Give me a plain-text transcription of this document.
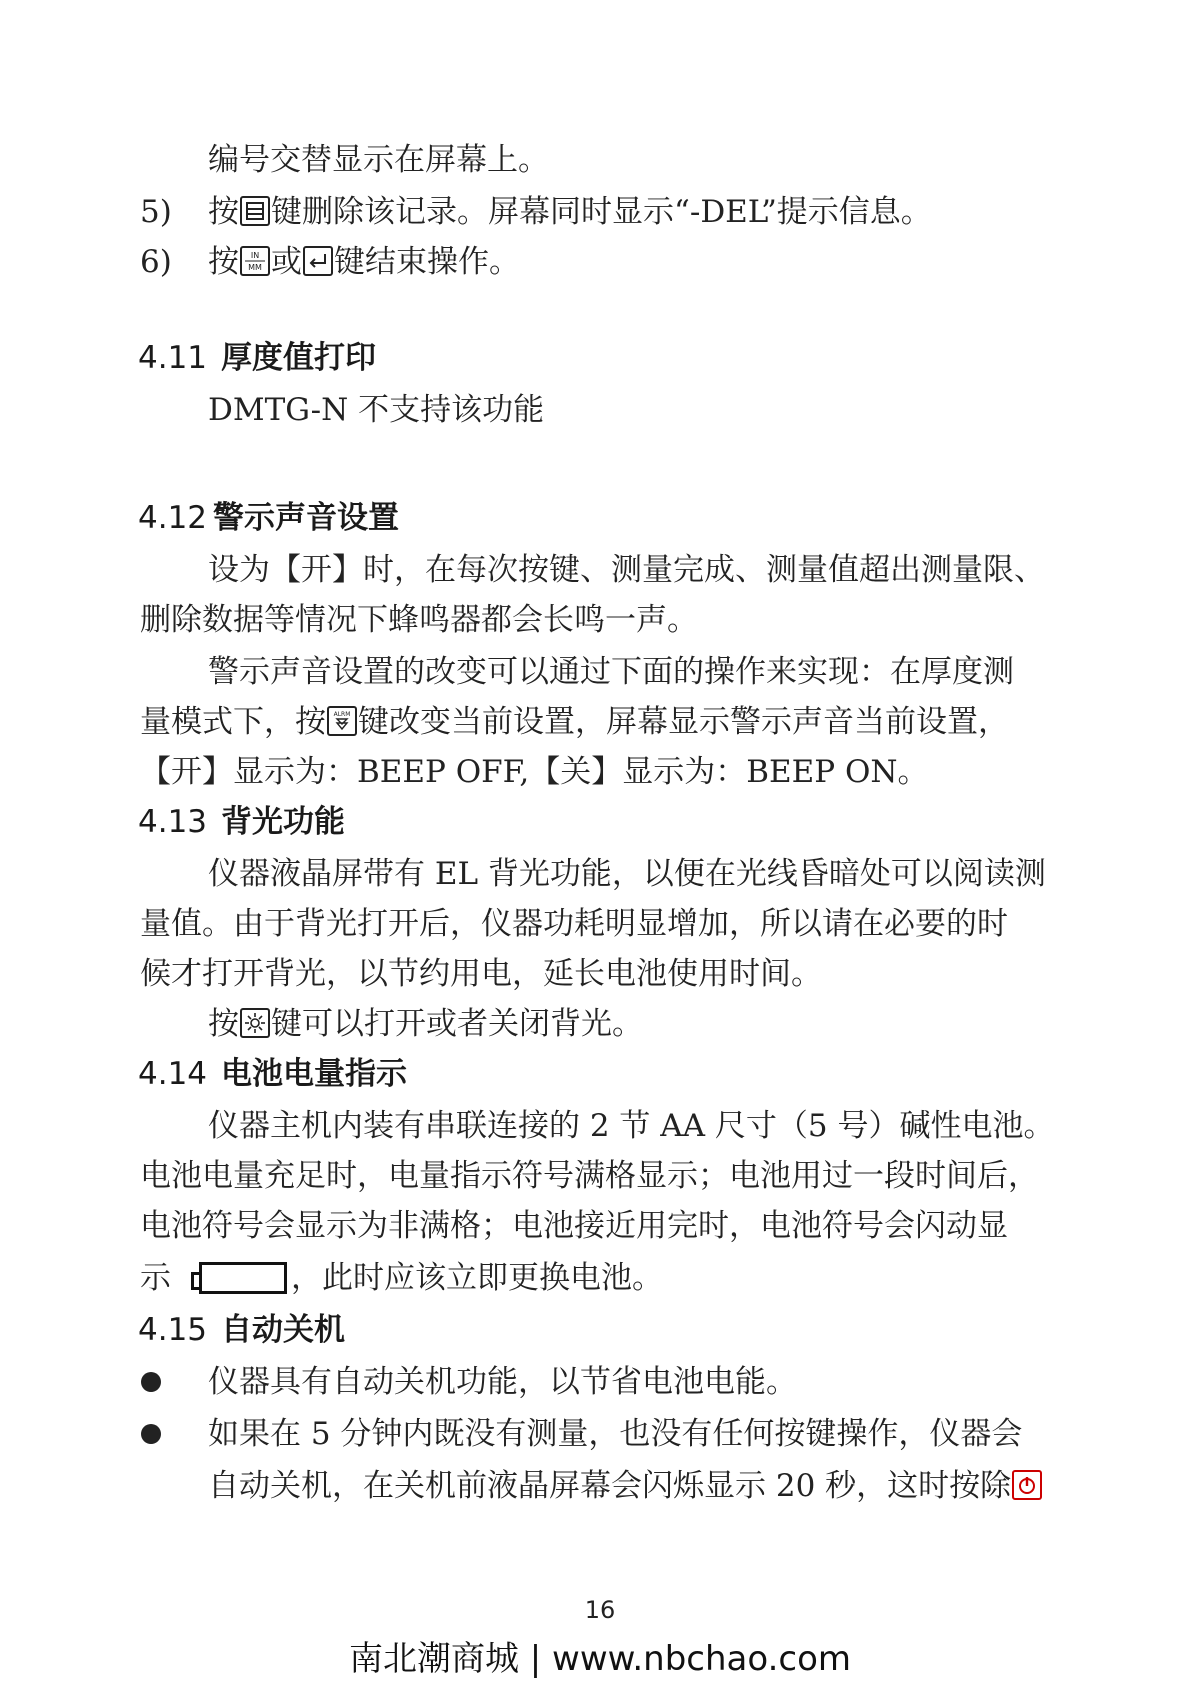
编号交替显示在屏幕上。
5) 按 键删除该记录。屏幕同时显示“-DEL”提示信息。
6) 按 IN
MM 或 键结束操作。
4.11 厚度值打印
DMTG-N 不支持该功能
4.12 警示声音设置
设为【开】时，在每次按键、测量完成、测量值超出测量限、
删除数据等情况下蜂鸣器都会长鸣一声。
警示声音设置的改变可以通过下面的操作来实现：在厚度测
量模式下，按 ALRM 键改变当前设置，屏幕显示警示声音当前设置，
【开】显示为：BEEP OFF,【关】显示为：BEEP ON。
4.13 背光功能
仪器液晶屏带有 EL 背光功能，以便在光线昏暗处可以阅读测
量值。由于背光打开后，仪器功耗明显增加，所以请在必要的时
候才打开背光，以节约用电，延长电池使用时间。
按 键可以打开或者关闭背光。
4.14 电池电量指示
仪器主机内装有串联连接的 2 节 AA 尺寸（5 号）碱性电池。
电池电量充足时，电量指示符号满格显示；电池用过一段时间后，
电池符号会显示为非满格；电池接近用完时，电池符号会闪动显
示	，此时应该立即更换电池。
4.15 自动关机
仪器具有自动关机功能，以节省电池电能。
如果在 5 分钟内既没有测量，也没有任何按键操作，仪器会
自动关机，在关机前液晶屏幕会闪烁显示 20 秒，这时按除
16
南北潮商城 | www.nbchao.com
